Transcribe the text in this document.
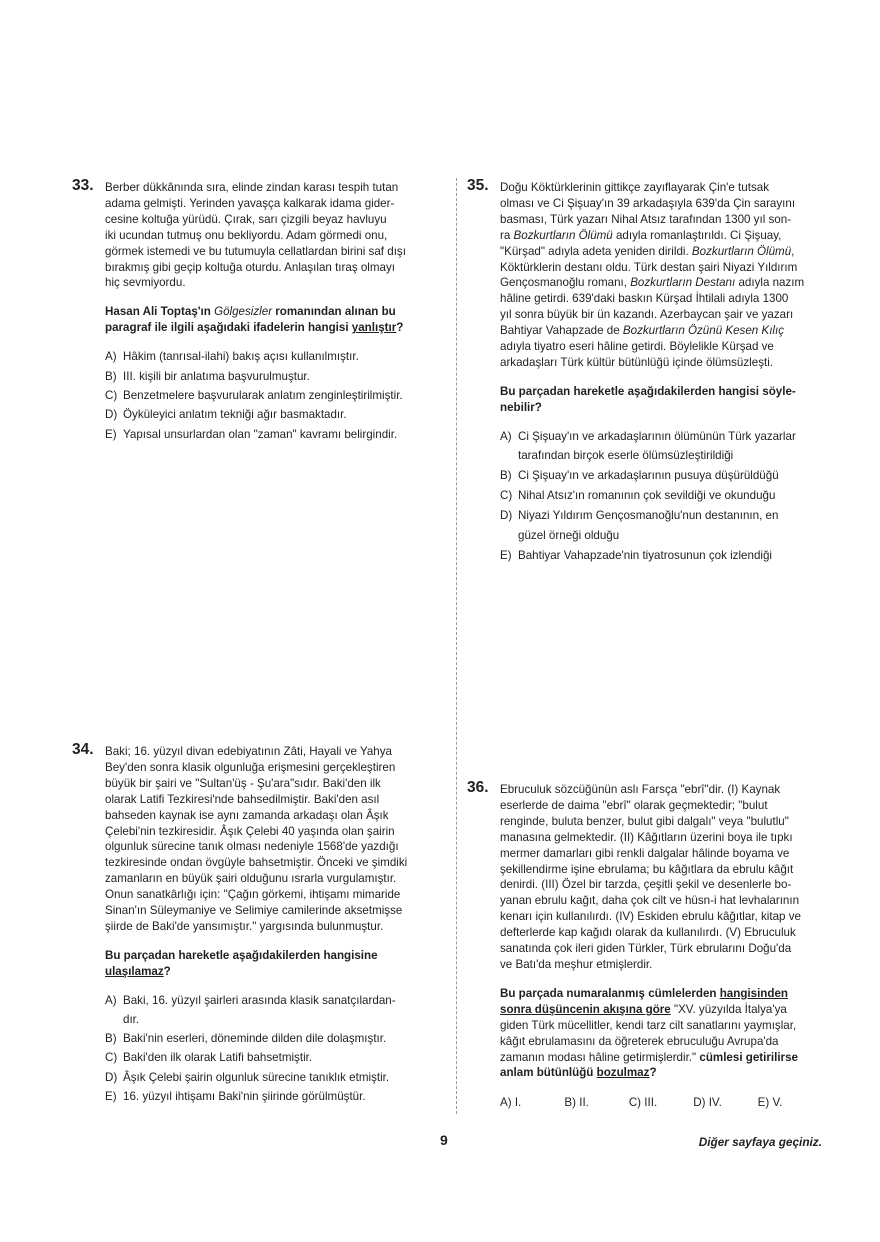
33. Berber dükkânında sıra, elinde zindan karası tespih tutan

adama gelmişti. Yerinden yavaşça kalkarak idama gider-

cesine koltuğa yürüdü. Çırak, sarı çizgili beyaz havluyu

iki ucundan tutmuş onu bekliyordu. Adam görmedi onu,

görmek istemedi ve bu tutumuyla cellatlardan birini saf dışı

bırakmış gibi geçip koltuğa oturdu. Anlaşılan tıraş olmayı

hiç sevmiyordu.

Hasan Ali Toptaş'ın Gölgesizler romanından alınan bu

paragraf ile ilgili aşağıdaki ifadelerin hangisi yanlıştır?

A) Hâkim (tanrısal-ilahi) bakış açısı kullanılmıştır.
B) III. kişili bir anlatıma başvurulmuştur.
C) Benzetmelere başvurularak anlatım zenginleştirilmiştir.
D) Öyküleyici anlatım tekniği ağır basmaktadır.
E) Yapısal unsurlardan olan "zaman" kavramı belirgindir.
34. Baki; 16. yüzyıl divan edebiyatının Zâti, Hayali ve Yahya

Bey'den sonra klasik olgunluğa erişmesini gerçekleştiren

büyük bir şairi ve "Sultan'üş - Şu'ara"sıdır. Baki'den ilk

olarak Latifi Tezkiresi'nde bahsedilmiştir. Baki'den asıl

bahseden kaynak ise aynı zamanda arkadaşı olan Âşık

Çelebi'nin tezkiresidir. Âşık Çelebi 40 yaşında olan şairin

olgunluk sürecine tanık olması nedeniyle 1568'de yazdığı

tezkiresinde ondan övgüyle bahsetmiştir. Önceki ve şimdiki

zamanların en büyük şairi olduğunu ısrarla vurgulamıştır.

Onun sanatkârlığı için: "Çağın görkemi, ihtişamı mimaride

Sinan'ın Süleymaniye ve Selimiye camilerinde aksetmişse

şiirde de Baki'de yansımıştır." yargısında bulunmuştur.

Bu parçadan hareketle aşağıdakilerden hangisine

ulaşılamaz?

A) Baki, 16. yüzyıl şairleri arasında klasik sanatçılardan-
dır.
B) Baki'nin eserleri, döneminde dilden dile dolaşmıştır.
C) Baki'den ilk olarak Latifi bahsetmiştir.
D) Âşık Çelebi şairin olgunluk sürecine tanıklık etmiştir.
E) 16. yüzyıl ihtişamı Baki'nin şiirinde görülmüştür.
35. Doğu Köktürklerinin gittikçe zayıflayarak Çin'e tutsak

olması ve Ci Şişuay'ın 39 arkadaşıyla 639'da Çin sarayını

basması, Türk yazarı Nihal Atsız tarafından 1300 yıl son-

ra Bozkurtların Ölümü adıyla romanlaştırıldı. Ci Şişuay,

"Kürşad" adıyla adeta yeniden dirildi. Bozkurtların Ölümü,

Köktürklerin destanı oldu. Türk destan şairi Niyazi Yıldırım

Gençosmanoğlu romanı, Bozkurtların Destanı adıyla nazım

hâline getirdi. 639'daki baskın Kürşad İhtilali adıyla 1300

yıl sonra büyük bir ün kazandı. Azerbaycan şair ve yazarı

Bahtiyar Vahapzade de Bozkurtların Özünü Kesen Kılıç

adıyla tiyatro eseri hâline getirdi. Böylelikle Kürşad ve

arkadaşları Türk kültür bütünlüğü içinde ölümsüzleşti.

Bu parçadan hareketle aşağıdakilerden hangisi söyle-

nebilir?

A) Ci Şişuay'ın ve arkadaşlarının ölümünün Türk yazarlar
tarafından birçok eserle ölümsüzleştirildiği
B) Ci Şişuay'ın ve arkadaşlarının pusuya düşürüldüğü
C) Nihal Atsız'ın romanının çok sevildiği ve okunduğu
D) Niyazi Yıldırım Gençosmanoğlu'nun destanının, en
güzel örneği olduğu
E) Bahtiyar Vahapzade'nin tiyatrosunun çok izlendiği
36. Ebruculuk sözcüğünün aslı Farsça "ebrî"dir. (I) Kaynak

eserlerde de daima "ebrî" olarak geçmektedir; "bulut

renginde, buluta benzer, bulut gibi dalgalı" veya "bulutlu"

manasına gelmektedir. (II) Kâğıtların üzerini boya ile tıpkı

mermer damarları gibi renkli dalgalar hâlinde boyama ve

şekillendirme işine ebrulama; bu kâğıtlara da ebrulu kâğıt

denirdi. (III) Özel bir tarzda, çeşitli şekil ve desenlerle bo-

yanan ebrulu kağıt, daha çok cilt ve hüsn-i hat levhalarının

kenarı için kullanılırdı. (IV) Eskiden ebrulu kâğıtlar, kitap ve

defterlerde kap kağıdı olarak da kullanılırdı. (V) Ebruculuk

sanatında çok ileri giden Türkler, Türk ebrularını Doğu'da

ve Batı'da meşhur etmişlerdir.

Bu parçada numaralanmış cümlelerden hangisinden

sonra düşüncenin akışına göre "XV. yüzyılda İtalya'ya

giden Türk mücellitler, kendi tarz cilt sanatlarını yaymışlar,

kâğıt ebrulamasını da öğreterek ebruculuğu Avrupa'da

zamanın modası hâline getirmişlerdir." cümlesi getirilirse

anlam bütünlüğü bozulmaz?

A) I.	B) II.	C) III.	D) IV.	E) V.
9	Diğer sayfaya geçiniz.
